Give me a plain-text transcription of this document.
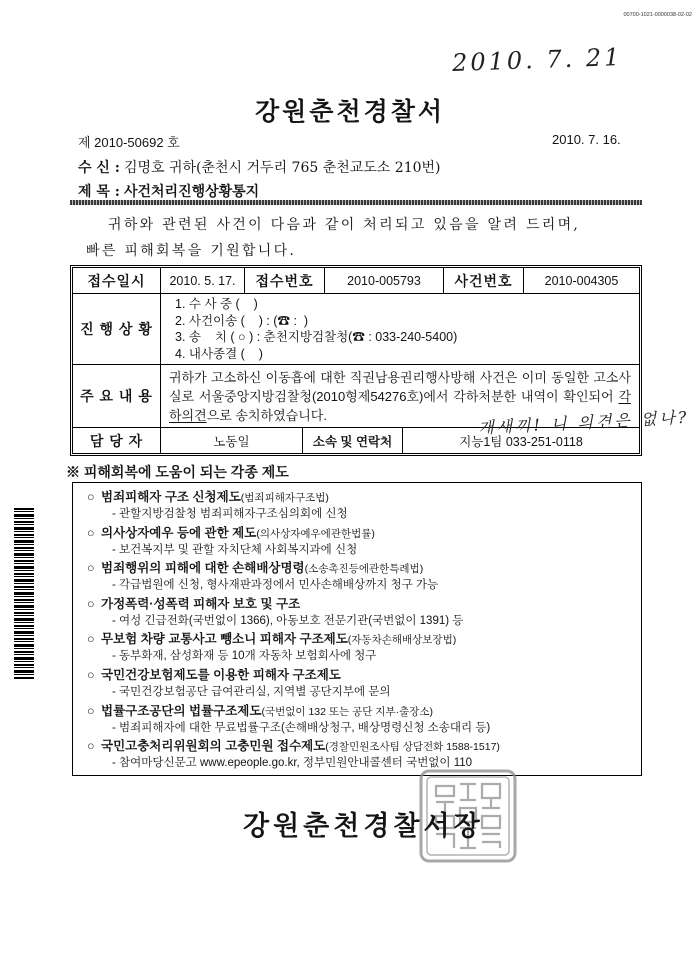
00700-1021-0000038-02-02
2010. 7. 21
강원춘천경찰서
제 2010-50692 호	2010. 7. 16.
수 신 : 김명호 귀하(춘천시 거두리 765 춘천교도소 210번)
제 목 : 사건처리진행상황통지
귀하와 관련된 사건이 다음과 같이 처리되고 있음을 알려 드리며,
빠른 피해회복을 기원합니다.
접수일시	2010. 5. 17.	접수번호	2010-005793	사건번호	2010-004305
진 행 상 황
1. 수 사 중 (    )
2. 사건이송 (    ) : (☎ :  )
3. 송    치 ( ○ ) : 춘천지방검찰청(☎ : 033-240-5400)
4. 내사종결 (    )
주 요 내 용
귀하가 고소하신 이동흡에 대한 직권남용권리행사방해 사건은 이미 동일한 고소사실로 서울중앙지방검찰청(2010형제54276호)에서 각하처분한 내역이 확인되어 각하의견으로 송치하였습니다.
담 당 자	노동일	소속 및 연락처	지능1팀 033-251-0118
개새끼! 니 의견은 없나?
※ 피해회복에 도움이 되는 각종 제도
○ 범죄피해자 구조 신청제도(범죄피해자구조법)
- 관할지방검찰청 범죄피해자구조심의회에 신청
○ 의사상자예우 등에 관한 제도(의사상자예우에관한법률)
- 보건복지부 및 관할 자치단체 사회복지과에 신청
○ 범죄행위의 피해에 대한 손해배상명령(소송촉진등에관한특례법)
- 각급법원에 신청, 형사재판과정에서 민사손해배상까지 청구 가능
○ 가정폭력·성폭력 피해자 보호 및 구조
- 여성 긴급전화(국번없이 1366), 아동보호 전문기관(국번없이 1391) 등
○ 무보험 차량 교통사고 뺑소니 피해자 구조제도(자동차손해배상보장법)
- 동부화재, 삼성화재 등 10개 자동차 보험회사에 청구
○ 국민건강보험제도를 이용한 피해자 구조제도
- 국민건강보험공단 급여관리실, 지역별 공단지부에 문의
○ 법률구조공단의 법률구조제도(국번없이 132 또는 공단 지부·출장소)
- 범죄피해자에 대한 무료법률구조(손해배상청구, 배상명령신청 소송대리 등)
○ 국민고충처리위원회의 고충민원 접수제도(경찰민원조사팀 상담전화 1588-1517)
- 참여마당신문고 www.epeople.go.kr, 정부민원안내콜센터 국번없이 110
강원춘천경찰서장
